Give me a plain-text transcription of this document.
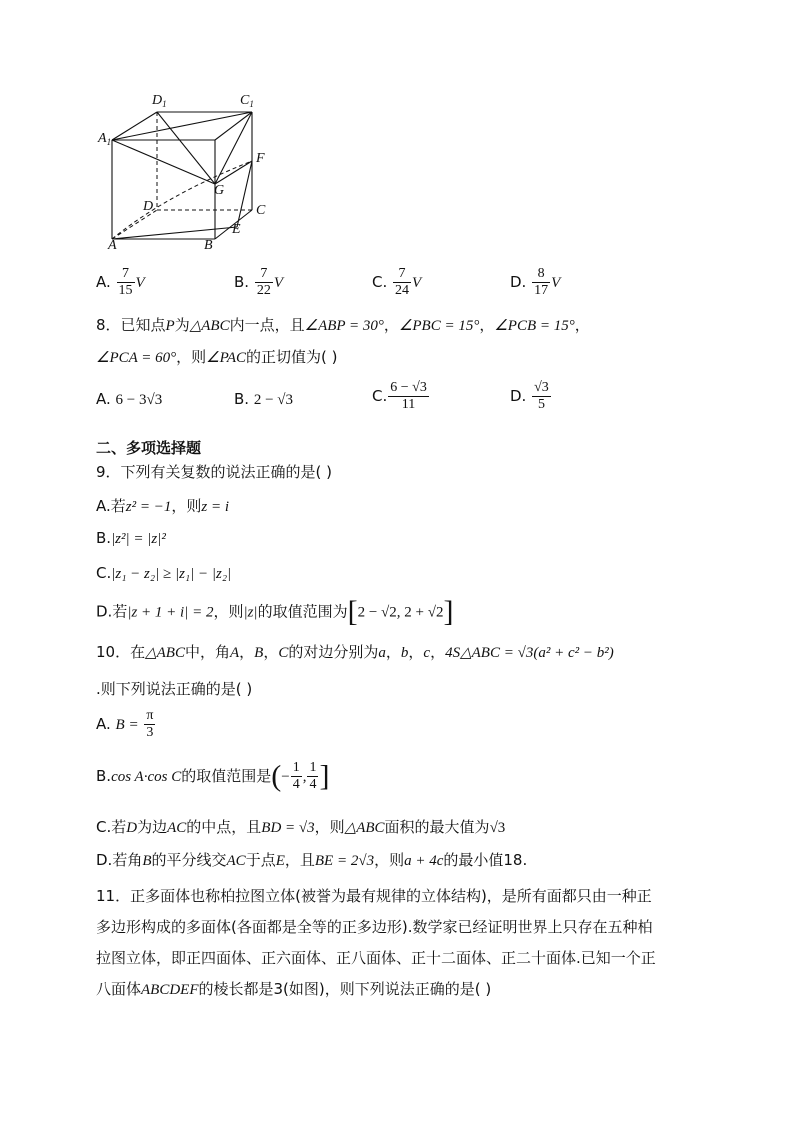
$D_1$	$C_1$
$A_1$
F
G
D	C
E
A	B
A. $\frac{7}{15}$ V	B. $\frac{7}{22}$ V	C. $\frac{7}{24}$ V	D. $\frac{8}{17}$ V
8．已知点P为△ABC内一点，且∠ABP = 30°，∠PBC = 15°，∠PCB = 15°，
∠PCA = 60°，则∠PAC的正切值为( )
A. 6 − 3√3	B. 2 − √3	C. $\frac{6 - √3}{11}$	D. $\frac{√3}{5}$
二、多项选择题
9．下列有关复数的说法正确的是( )
A.若z² = −1，则z = i
B.|z²| = |z|²
C.|z₁ − z₂| ≥ |z₁| − |z₂|
D.若|z + 1 + i| = 2，则|z|的取值范围为[2 − √2, 2 + √2]
10．在△ABC中，角A，B，C的对边分别为a，b，c，4S△ABC = √3(a² + c² − b²)
.则下列说法正确的是( )
A. $B = \frac{\pi}{3}$
B.cos A·cos C的取值范围是(− $\frac{1}{4}$ , $\frac{1}{4}$ ]
C.若D为边AC的中点，且BD = √3，则△ABC面积的最大值为√3
D.若角B的平分线交AC于点E，且BE = 2√3，则a + 4c的最小值18.
11．正多面体也称柏拉图立体(被誉为最有规律的立体结构)，是所有面都只由一种正
多边形构成的多面体(各面都是全等的正多边形).数学家已经证明世界上只存在五种柏
拉图立体，即正四面体、正六面体、正八面体、正十二面体、正二十面体.已知一个正
八面体ABCDEF的棱长都是3(如图)，则下列说法正确的是( )
